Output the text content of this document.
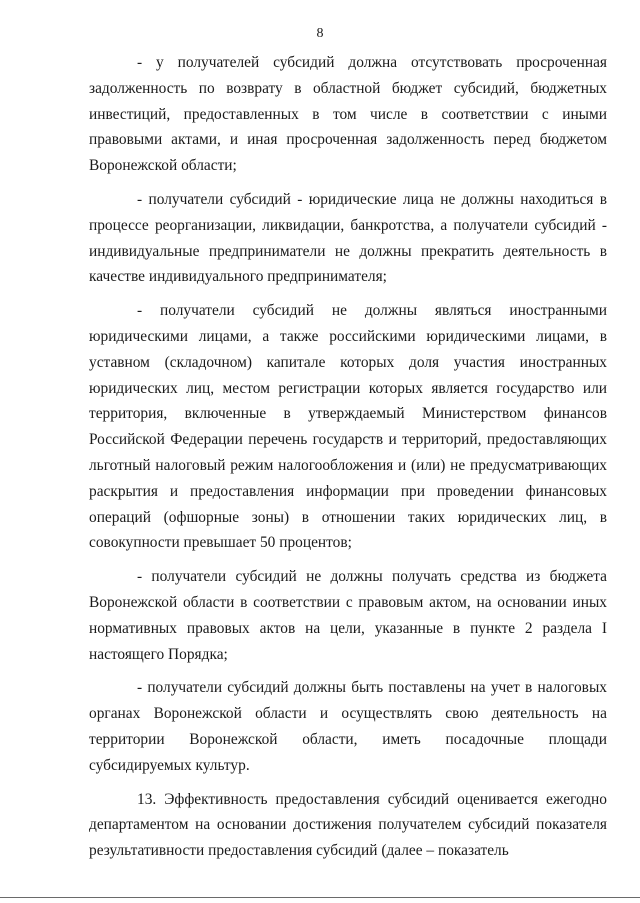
8

- у получателей субсидий должна отсутствовать просроченная задолженность по возврату в областной бюджет субсидий, бюджетных инвестиций, предоставленных в том числе в соответствии с иными правовыми актами, и иная просроченная задолженность перед бюджетом Воронежской области;

- получатели субсидий - юридические лица не должны находиться в процессе реорганизации, ликвидации, банкротства, а получатели субсидий - индивидуальные предприниматели не должны прекратить деятельность в качестве индивидуального предпринимателя;

- получатели субсидий не должны являться иностранными юридическими лицами, а также российскими юридическими лицами, в уставном (складочном) капитале которых доля участия иностранных юридических лиц, местом регистрации которых является государство или территория, включенные в утверждаемый Министерством финансов Российской Федерации перечень государств и территорий, предоставляющих льготный налоговый режим налогообложения и (или) не предусматривающих раскрытия и предоставления информации при проведении финансовых операций (офшорные зоны) в отношении таких юридических лиц, в совокупности превышает 50 процентов;

- получатели субсидий не должны получать средства из бюджета Воронежской области в соответствии с правовым актом, на основании иных нормативных правовых актов на цели, указанные в пункте 2 раздела I настоящего Порядка;

- получатели субсидий должны быть поставлены на учет в налоговых органах Воронежской области и осуществлять свою деятельность на территории Воронежской области, иметь посадочные площади субсидируемых культур.

13. Эффективность предоставления субсидий оценивается ежегодно департаментом на основании достижения получателем субсидий показателя результативности предоставления субсидий (далее – показатель
